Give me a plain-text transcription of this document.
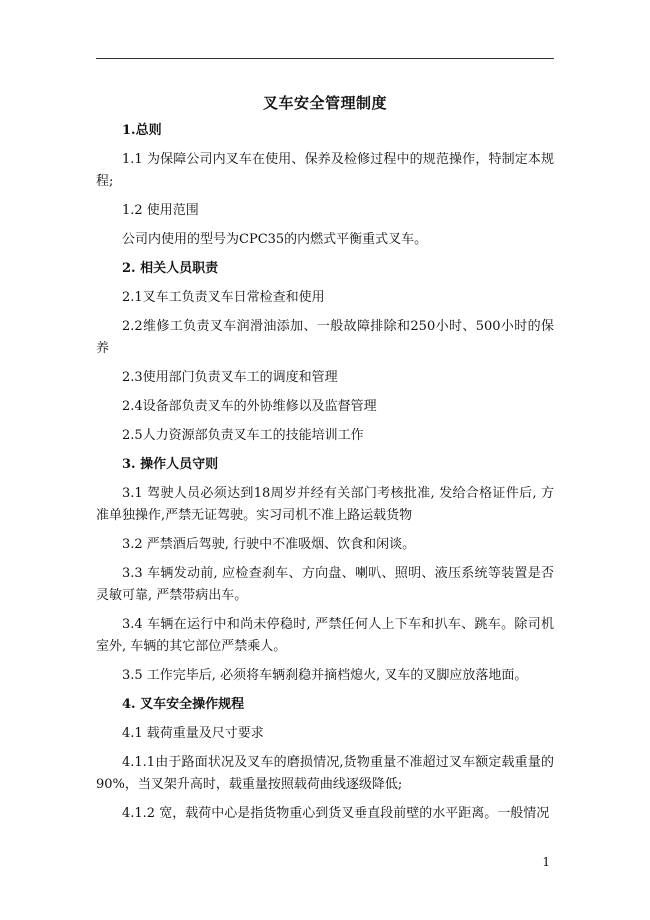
叉车安全管理制度

1.总则

1.1 为保障公司内叉车在使用、保养及检修过程中的规范操作，特制定本规程;

1.2 使用范围

公司内使用的型号为CPC35的内燃式平衡重式叉车。

2. 相关人员职责

2.1叉车工负责叉车日常检查和使用

2.2维修工负责叉车润滑油添加、一般故障排除和250小时、500小时的保养

2.3使用部门负责叉车工的调度和管理

2.4设备部负责叉车的外协维修以及监督管理

2.5人力资源部负责叉车工的技能培训工作

3. 操作人员守则

3.1 驾驶人员必须达到18周岁并经有关部门考核批准, 发给合格证件后, 方准单独操作,严禁无证驾驶。实习司机不准上路运载货物

3.2 严禁酒后驾驶, 行驶中不准吸烟、饮食和闲谈。

3.3 车辆发动前, 应检查刹车、方向盘、喇叭、照明、液压系统等装置是否灵敏可靠, 严禁带病出车。

3.4 车辆在运行中和尚未停稳时, 严禁任何人上下车和扒车、跳车。除司机室外, 车辆的其它部位严禁乘人。

3.5 工作完毕后, 必须将车辆刹稳并摘档熄火, 叉车的叉脚应放落地面。

4. 叉车安全操作规程

4.1 载荷重量及尺寸要求

4.1.1由于路面状况及叉车的磨损情况,货物重量不准超过叉车额定载重量的90%，当叉架升高时，载重量按照载荷曲线逐级降低;

4.1.2 宽，载荷中心是指货物重心到货叉垂直段前壁的水平距离。一般情况

1
